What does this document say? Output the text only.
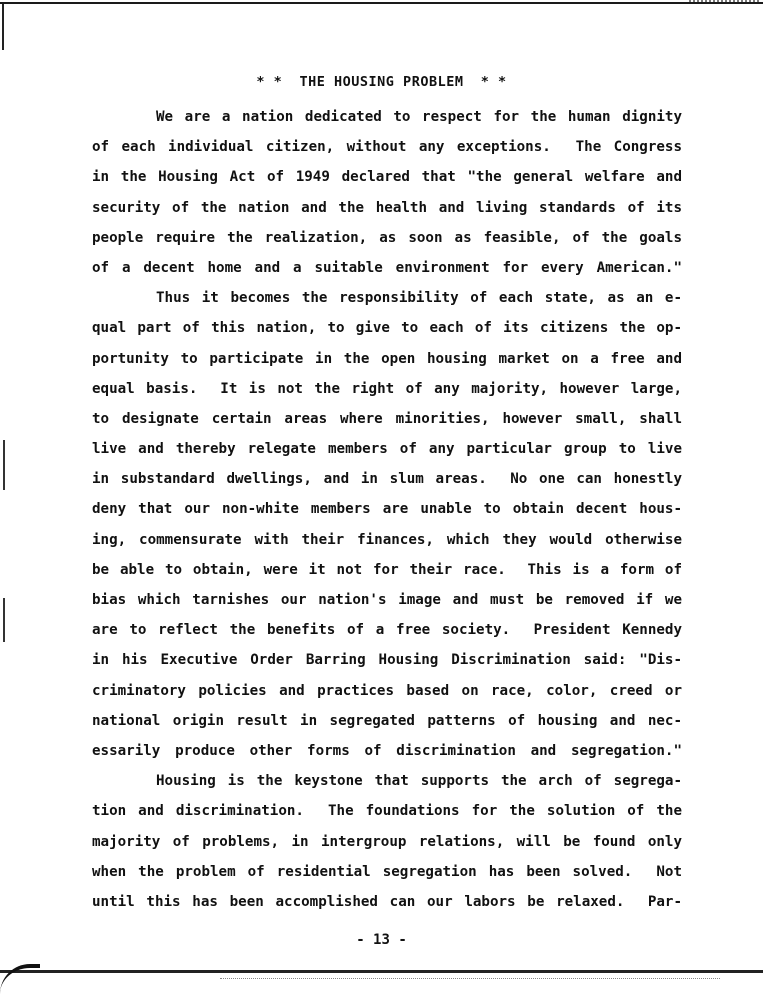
* *  THE HOUSING PROBLEM  * *
We are a nation dedicated to respect for the human dignity
of each individual citizen, without any exceptions.  The Congress
in the Housing Act of 1949 declared that "the general welfare and
security of the nation and the health and living standards of its
people require the realization, as soon as feasible, of the goals
of a decent home and a suitable environment for every American."
Thus it becomes the responsibility of each state, as an e-
qual part of this nation, to give to each of its citizens the op-
portunity to participate in the open housing market on a free and
equal basis.  It is not the right of any majority, however large,
to designate certain areas where minorities, however small, shall
live and thereby relegate members of any particular group to live
in substandard dwellings, and in slum areas.  No one can honestly
deny that our non-white members are unable to obtain decent hous-
ing, commensurate with their finances, which they would otherwise
be able to obtain, were it not for their race.  This is a form of
bias which tarnishes our nation's image and must be removed if we
are to reflect the benefits of a free society.  President Kennedy
in his Executive Order Barring Housing Discrimination said: "Dis-
criminatory policies and practices based on race, color, creed or
national origin result in segregated patterns of housing and nec-
essarily produce other forms of discrimination and segregation."
Housing is the keystone that supports the arch of segrega-
tion and discrimination.  The foundations for the solution of the
majority of problems, in intergroup relations, will be found only
when the problem of residential segregation has been solved.  Not
until this has been accomplished can our labors be relaxed.  Par-
- 13 -
